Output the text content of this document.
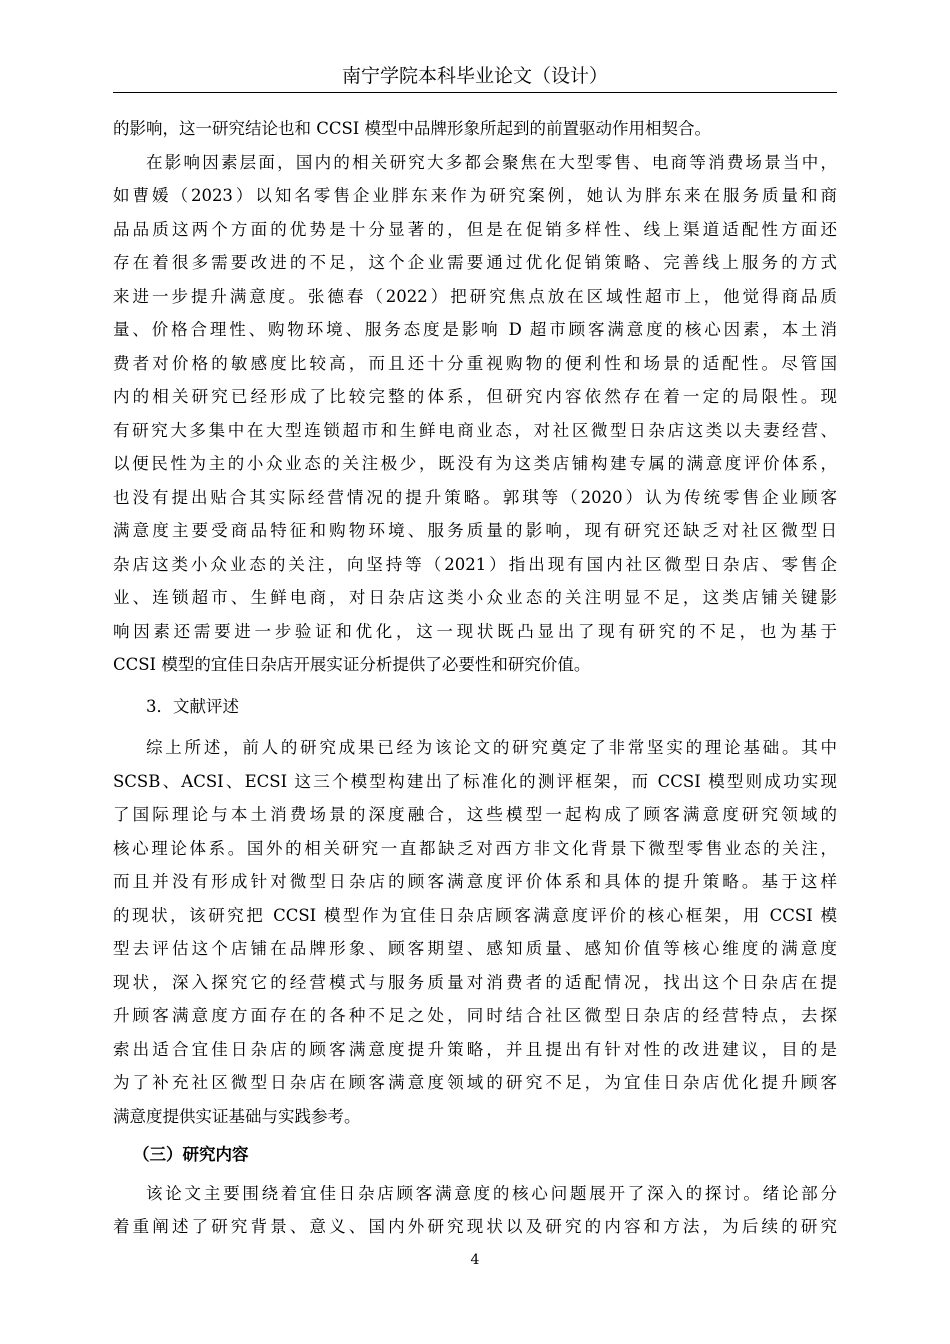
南宁学院本科毕业论文（设计）
的影响，这一研究结论也和 CCSI 模型中品牌形象所起到的前置驱动作用相契合。
在影响因素层面，国内的相关研究大多都会聚焦在大型零售、电商等消费场景当中，
如曹媛（2023）以知名零售企业胖东来作为研究案例，她认为胖东来在服务质量和商
品品质这两个方面的优势是十分显著的，但是在促销多样性、线上渠道适配性方面还
存在着很多需要改进的不足，这个企业需要通过优化促销策略、完善线上服务的方式
来进一步提升满意度。张德春（2022）把研究焦点放在区域性超市上，他觉得商品质
量、价格合理性、购物环境、服务态度是影响 D 超市顾客满意度的核心因素，本土消
费者对价格的敏感度比较高，而且还十分重视购物的便利性和场景的适配性。尽管国
内的相关研究已经形成了比较完整的体系，但研究内容依然存在着一定的局限性。现
有研究大多集中在大型连锁超市和生鲜电商业态，对社区微型日杂店这类以夫妻经营、
以便民性为主的小众业态的关注极少，既没有为这类店铺构建专属的满意度评价体系，
也没有提出贴合其实际经营情况的提升策略。郭琪等（2020）认为传统零售企业顾客
满意度主要受商品特征和购物环境、服务质量的影响，现有研究还缺乏对社区微型日
杂店这类小众业态的关注，向坚持等（2021）指出现有国内社区微型日杂店、零售企
业、连锁超市、生鲜电商，对日杂店这类小众业态的关注明显不足，这类店铺关键影
响因素还需要进一步验证和优化，这一现状既凸显出了现有研究的不足，也为基于
CCSI 模型的宜佳日杂店开展实证分析提供了必要性和研究价值。
3．文献评述
综上所述，前人的研究成果已经为该论文的研究奠定了非常坚实的理论基础。其中
SCSB、ACSI、ECSI 这三个模型构建出了标准化的测评框架，而 CCSI 模型则成功实现
了国际理论与本土消费场景的深度融合，这些模型一起构成了顾客满意度研究领域的
核心理论体系。国外的相关研究一直都缺乏对西方非文化背景下微型零售业态的关注，
而且并没有形成针对微型日杂店的顾客满意度评价体系和具体的提升策略。基于这样
的现状，该研究把 CCSI 模型作为宜佳日杂店顾客满意度评价的核心框架，用 CCSI 模
型去评估这个店铺在品牌形象、顾客期望、感知质量、感知价值等核心维度的满意度
现状，深入探究它的经营模式与服务质量对消费者的适配情况，找出这个日杂店在提
升顾客满意度方面存在的各种不足之处，同时结合社区微型日杂店的经营特点，去探
索出适合宜佳日杂店的顾客满意度提升策略，并且提出有针对性的改进建议，目的是
为了补充社区微型日杂店在顾客满意度领域的研究不足，为宜佳日杂店优化提升顾客
满意度提供实证基础与实践参考。
（三）研究内容
该论文主要围绕着宜佳日杂店顾客满意度的核心问题展开了深入的探讨。绪论部分
着重阐述了研究背景、意义、国内外研究现状以及研究的内容和方法，为后续的研究
4
